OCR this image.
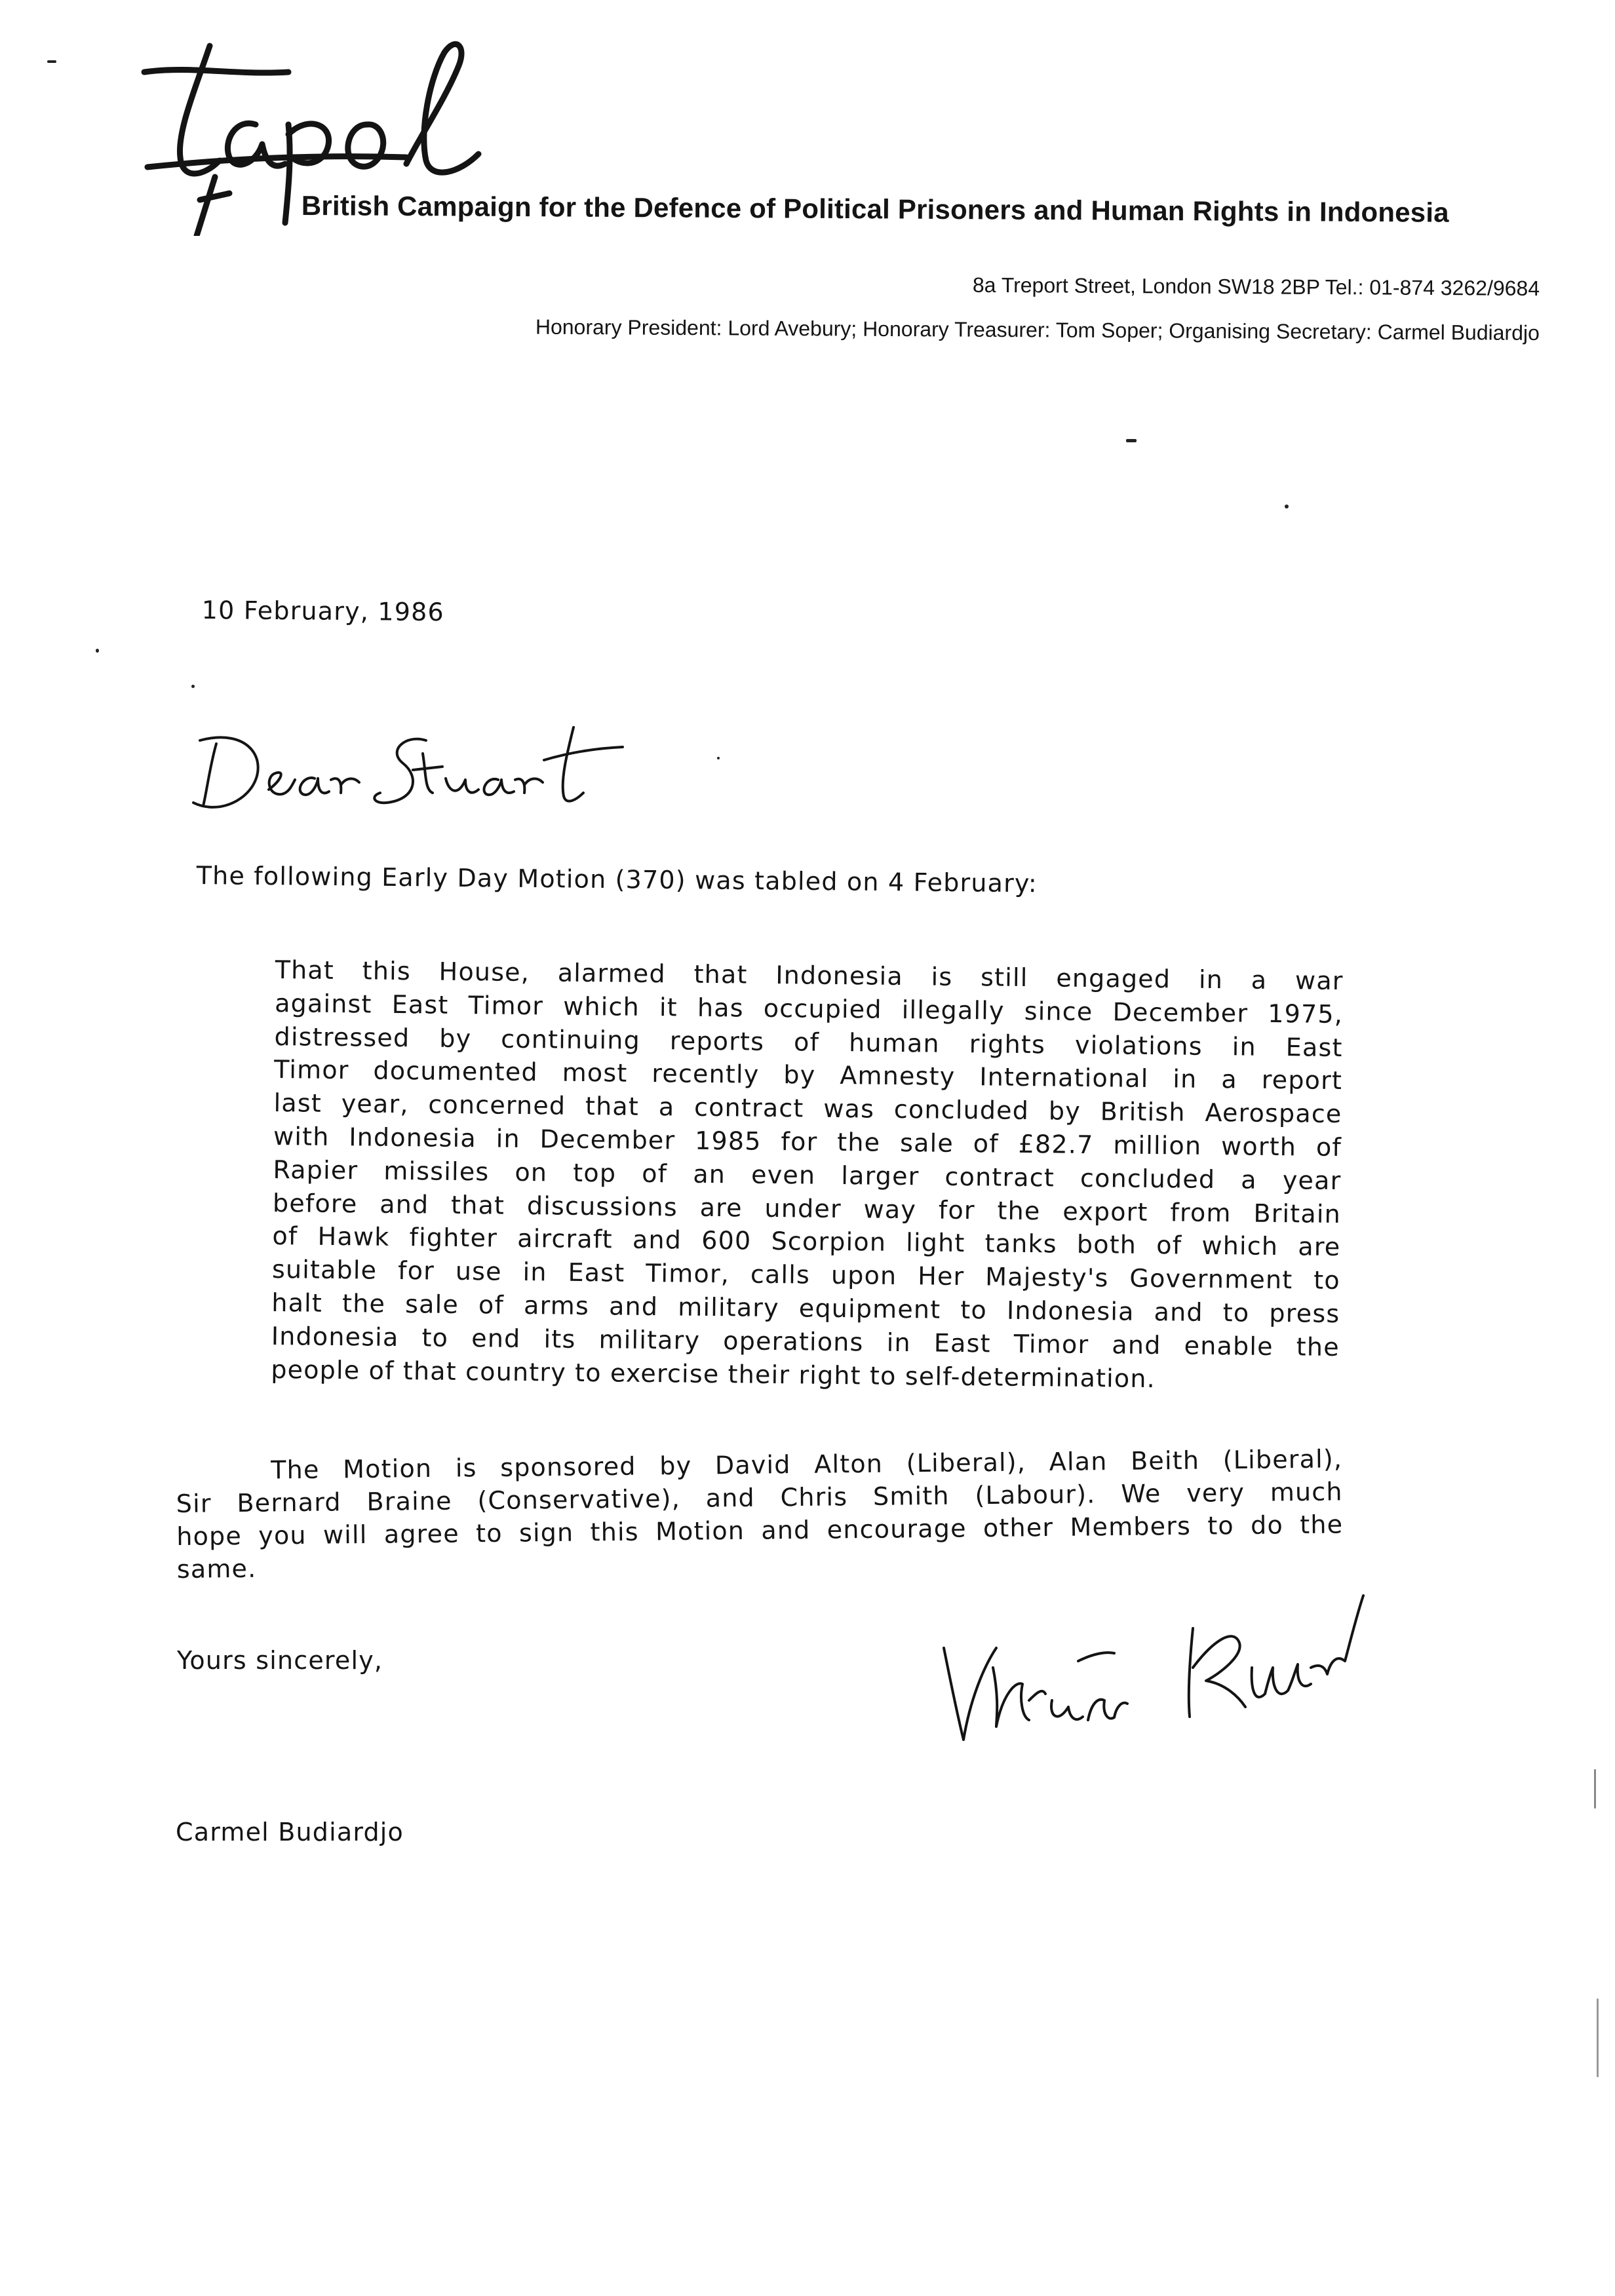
British Campaign for the Defence of Political Prisoners and Human Rights in Indonesia
8a Treport Street, London SW18 2BP Tel.: 01-874 3262/9684
Honorary President: Lord Avebury; Honorary Treasurer: Tom Soper; Organising Secretary: Carmel Budiardjo
10 February, 1986
The following Early Day Motion (370) was tabled on 4 February:
That this House, alarmed that Indonesia is still engaged in a war
against East Timor which it has occupied illegally since December 1975,
distressed by continuing reports of human rights violations in East
Timor documented most recently by Amnesty International in a report
last year, concerned that a contract was concluded by British Aerospace
with Indonesia in December 1985 for the sale of £82.7 million worth of
Rapier missiles on top of an even larger contract concluded a year
before and that discussions are under way for the export from Britain
of Hawk fighter aircraft and 600 Scorpion light tanks both of which are
suitable for use in East Timor, calls upon Her Majesty's Government to
halt the sale of arms and military equipment to Indonesia and to press
Indonesia to end its military operations in East Timor and enable the
people of that country to exercise their right to self-determination.
The Motion is sponsored by David Alton (Liberal), Alan Beith (Liberal),
Sir Bernard Braine (Conservative), and Chris Smith (Labour). We very much
hope you will agree to sign this Motion and encourage other Members to do the
same.
Yours sincerely,
Carmel Budiardjo
